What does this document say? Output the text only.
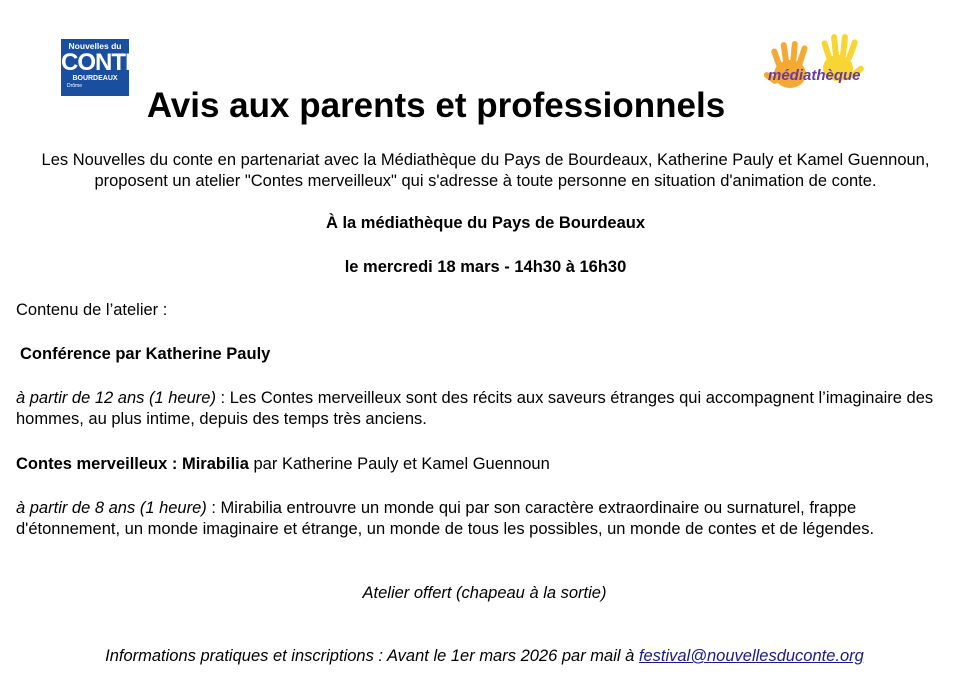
Nouvelles du
CONTE
BOURDEAUX
Drôme
médiathèque
Avis aux parents et professionnels

Les Nouvelles du conte en partenariat avec la Médiathèque du Pays de Bourdeaux, Katherine Pauly et Kamel Guennoun, proposent un atelier "Contes merveilleux" qui s'adresse à toute personne en situation d'animation de conte.

À la médiathèque du Pays de Bourdeaux

le mercredi 18 mars - 14h30 à 16h30

Contenu de l’atelier :

Conférence par Katherine Pauly

à partir de 12 ans (1 heure) : Les Contes merveilleux sont des récits aux saveurs étranges qui accompagnent l’imaginaire des hommes, au plus intime, depuis des temps très anciens.

Contes merveilleux : Mirabilia par Katherine Pauly et Kamel Guennoun

à partir de 8 ans (1 heure) : Mirabilia entrouvre un monde qui par son caractère extraordinaire ou surnaturel, frappe d'étonnement, un monde imaginaire et étrange, un monde de tous les possibles, un monde de contes et de légendes.

Atelier offert (chapeau à la sortie)

Informations pratiques et inscriptions : Avant le 1er mars 2026 par mail à festival@nouvellesduconte.org
